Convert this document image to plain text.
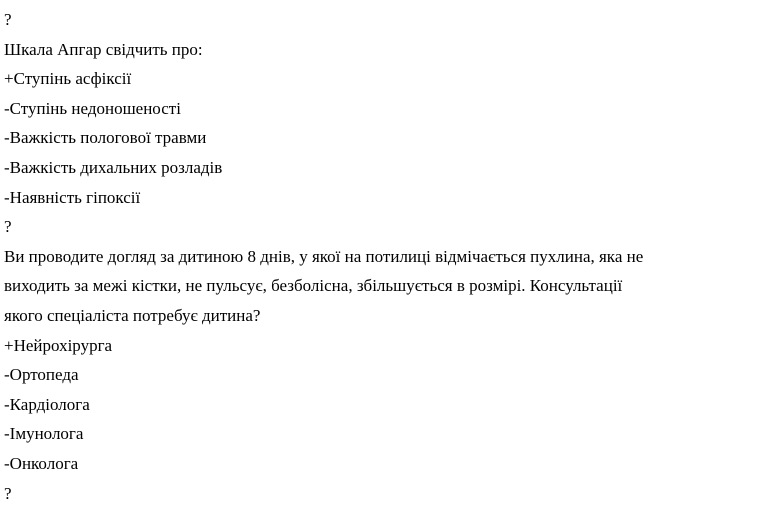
?
Шкала Апгар свідчить про:
+Ступінь асфіксії
-Ступінь недоношеності
-Важкість пологової травми
-Важкість дихальних розладів
-Наявність гіпоксії
?
Ви проводите догляд за дитиною 8 днів, у якої на потилиці відмічається пухлина, яка не
виходить за межі кістки, не пульсує, безболісна, збільшується в розмірі. Консультації
якого спеціаліста потребує дитина?
+Нейрохірурга
-Ортопеда
-Кардіолога
-Імунолога
-Онколога
?
